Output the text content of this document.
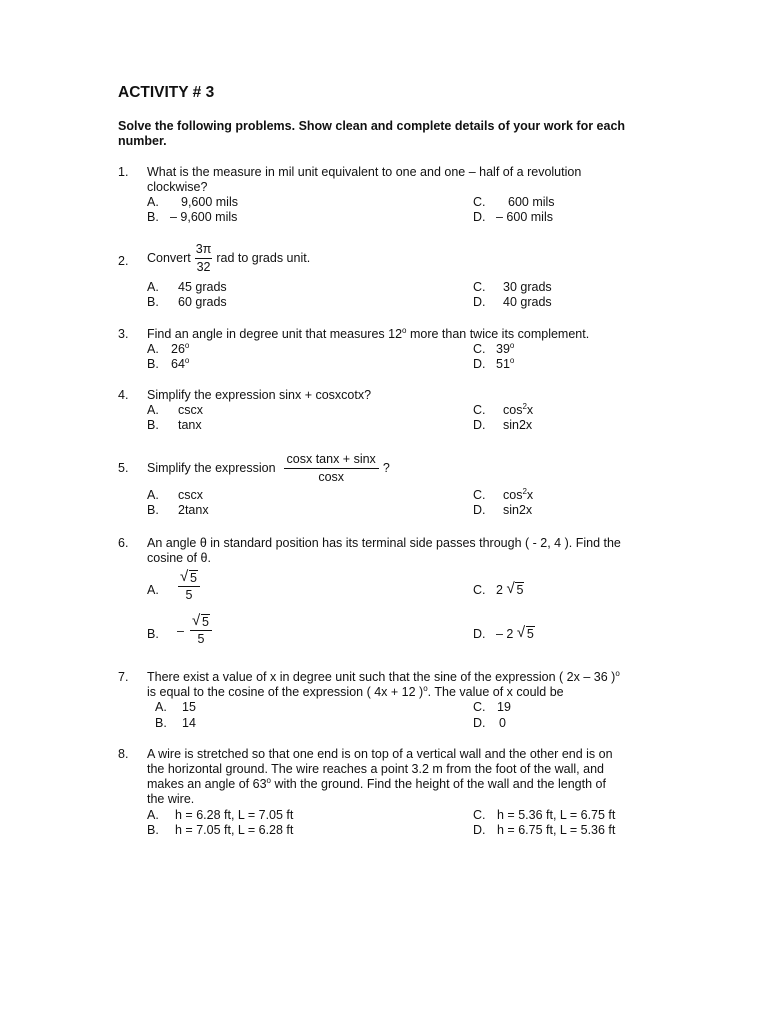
ACTIVITY # 3
Solve the following problems. Show clean and complete details of your work for each number.
1. What is the measure in mil unit equivalent to one and one – half of a revolution clockwise?
A. 9,600 mils
B. – 9,600 mils
C. 600 mils
D. – 600 mils
2. Convert $\frac{3\pi}{32}$ rad to grads unit.
A. 45 grads
B. 60 grads
C. 30 grads
D. 40 grads
3. Find an angle in degree unit that measures 12$^o$ more than twice its complement.
A. 26$^o$
B. 64$^o$
C. 39$^o$
D. 51$^o$
4. Simplify the expression sinx + cosxcotx?
A. cscx
B. tanx
C. $\cos^2x$
D. sin2x
5. Simplify the expression $\frac{\text{cosx tanx + sinx}}{\cos x}$ ?
A. cscx
B. 2tanx
C. $\cos^2x$
D. sin2x
6. An angle θ in standard position has its terminal side passes through ( - 2, 4 ). Find the cosine of θ.
A. $\frac{√ 5}{5}$
B. – $\frac{√ 5}{5}$
C. 2 √ 5
D. – 2 √ 5
7. There exist a value of x in degree unit such that the sine of the expression ( 2x – 36 )$^o$
is equal to the cosine of the expression ( 4x + 12 )$^o$. The value of x could be
A. 15
B. 14
C. 19
D. 0
8. A wire is stretched so that one end is on top of a vertical wall and the other end is on
the horizontal ground. The wire reaches a point 3.2 m from the foot of the wall, and
makes an angle of 63$^o$ with the ground. Find the height of the wall and the length of
the wire.
A. h = 6.28 ft, L = 7.05 ft
B. h = 7.05 ft, L = 6.28 ft
C. h = 5.36 ft, L = 6.75 ft
D. h = 6.75 ft, L = 5.36 ft
